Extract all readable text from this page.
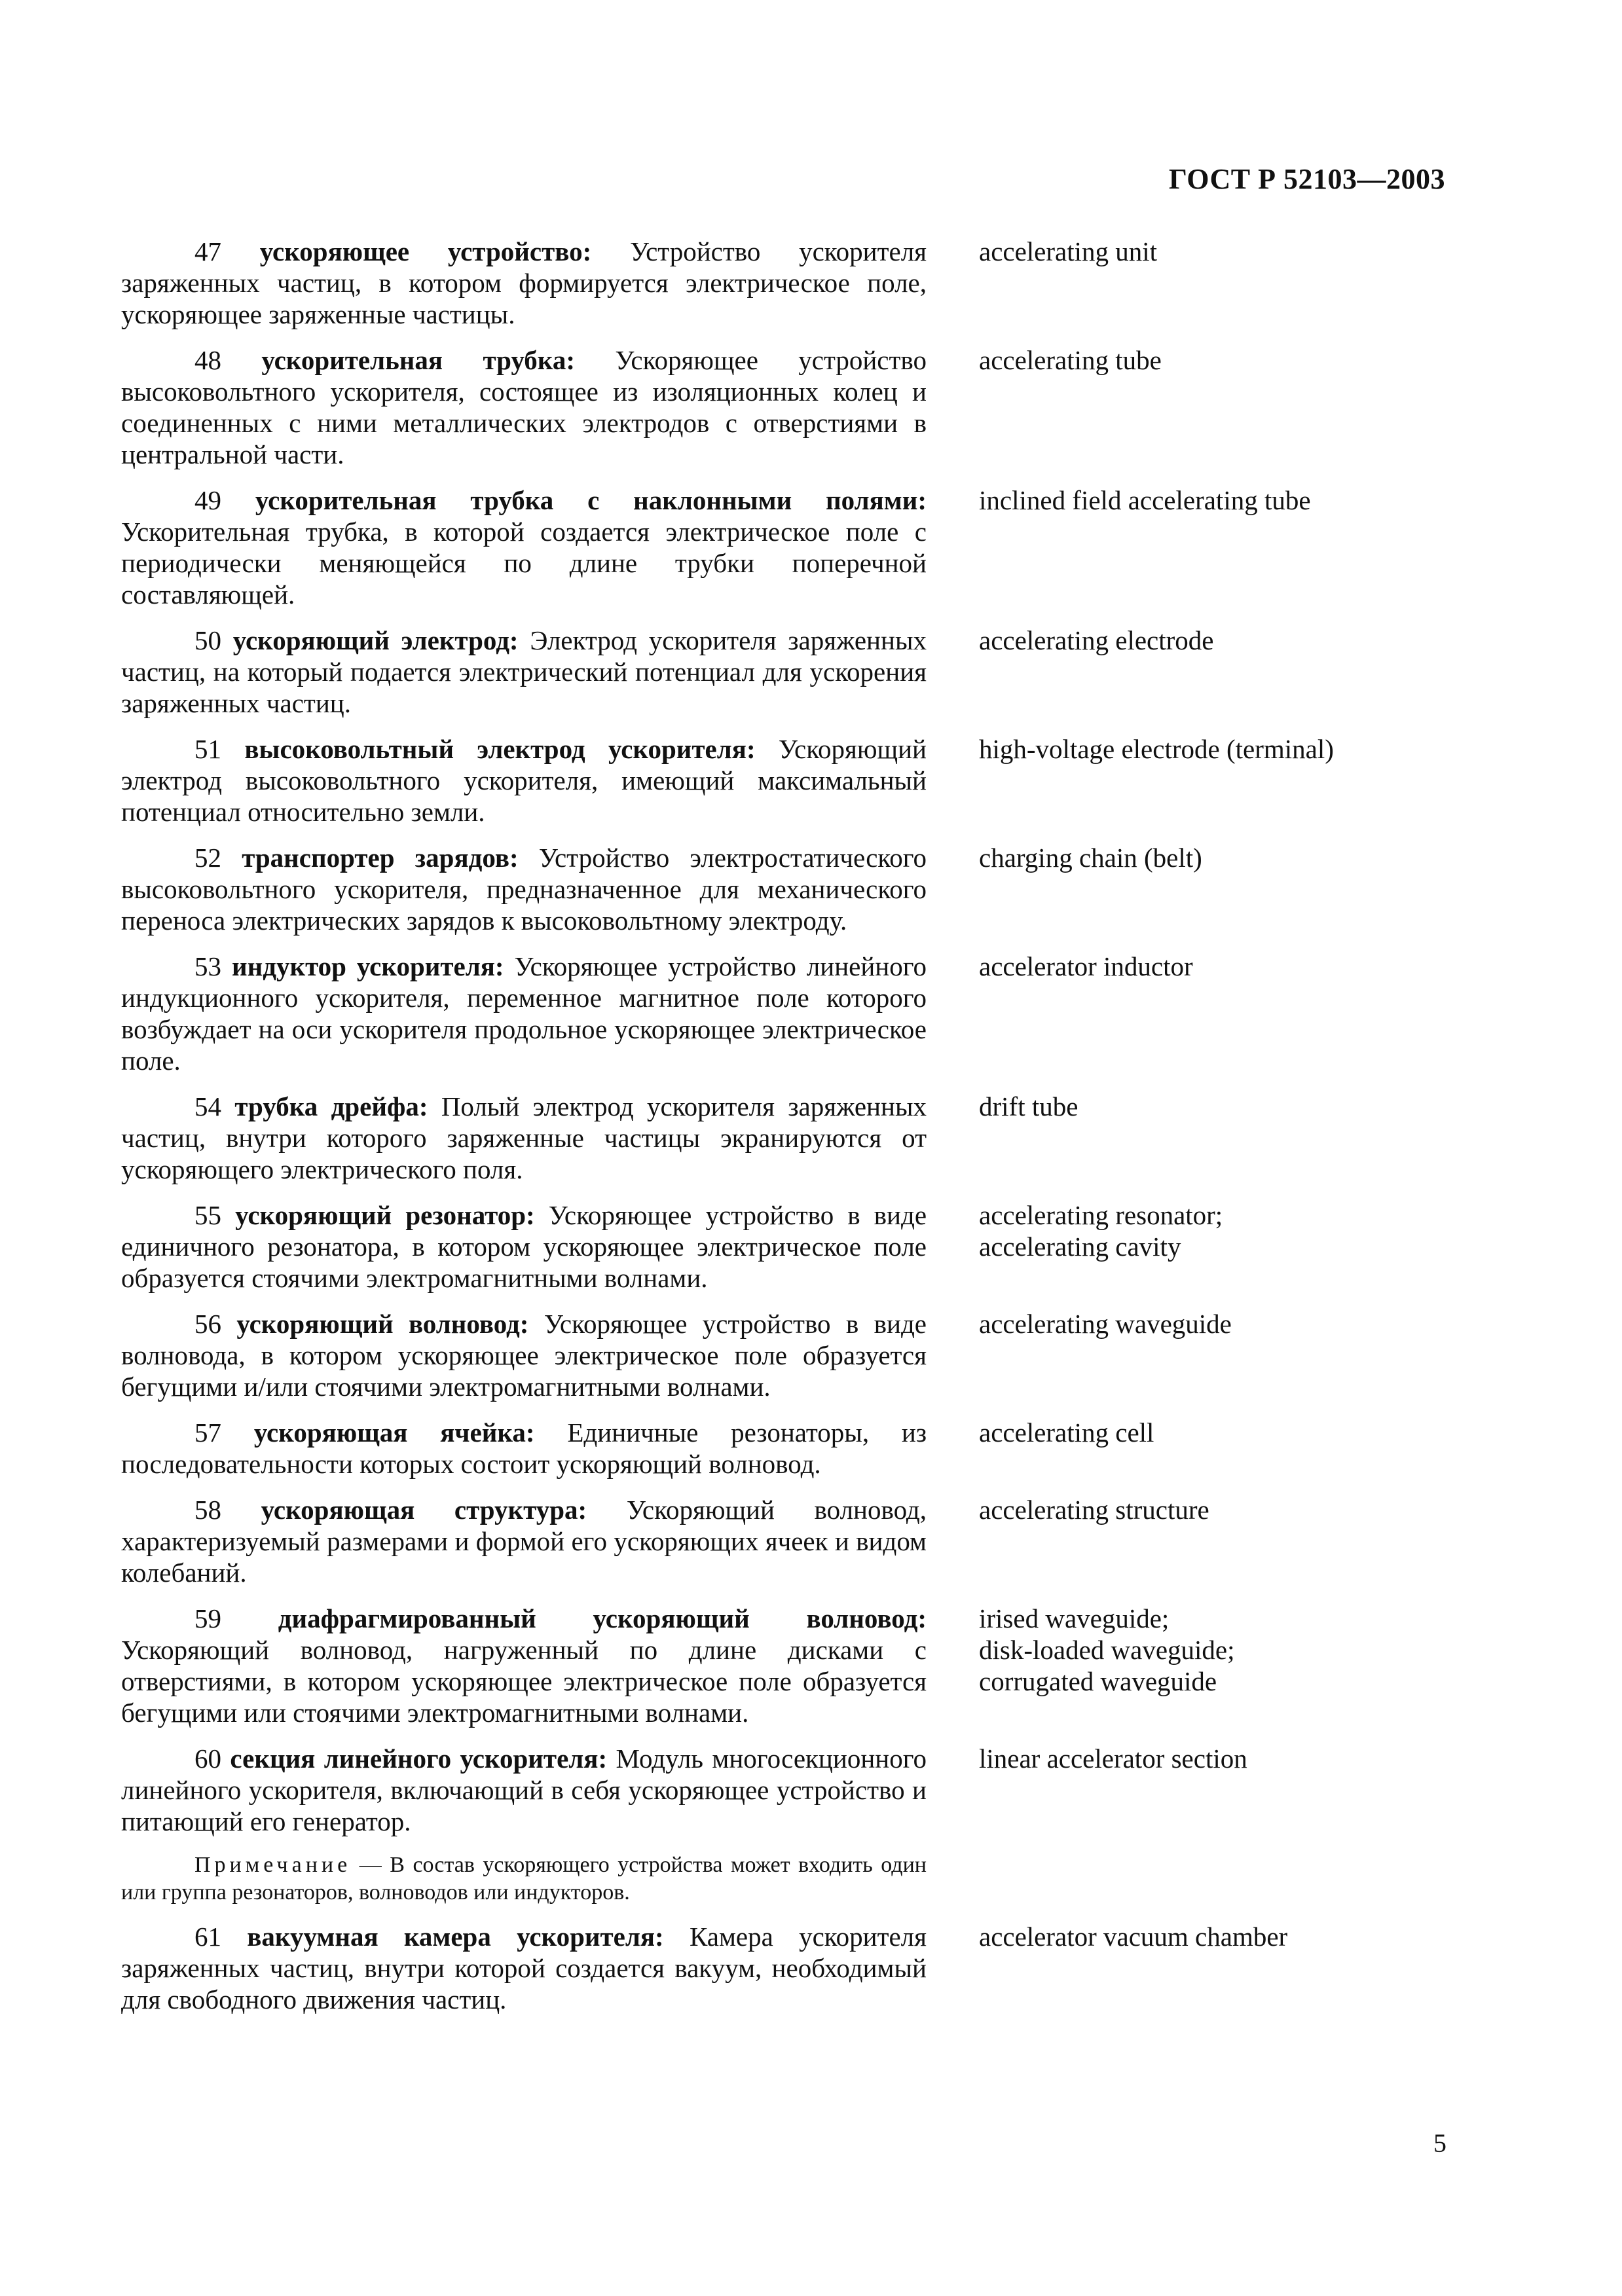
ГОСТ Р 52103—2003
47 ускоряющее устройство: Устройство ускорителя заряженных частиц, в котором формируется электрическое поле, ускоряющее заряженные частицы.
accelerating unit
48 ускорительная трубка: Ускоряющее устройство высоковольтного ускорителя, состоящее из изоляционных колец и соединенных с ними металлических электродов с отверстиями в центральной части.
accelerating tube
49 ускорительная трубка с наклонными полями: Ускорительная трубка, в которой создается электрическое поле с периодически меняющейся по длине трубки поперечной составляющей.
inclined field accelerating tube
50 ускоряющий электрод: Электрод ускорителя заряженных частиц, на который подается электрический потенциал для ускорения заряженных частиц.
accelerating electrode
51 высоковольтный электрод ускорителя: Ускоряющий электрод высоковольтного ускорителя, имеющий максимальный потенциал относительно земли.
high-voltage electrode (terminal)
52 транспортер зарядов: Устройство электростатического высоковольтного ускорителя, предназначенное для механического переноса электрических зарядов к высоковольтному электроду.
charging chain (belt)
53 индуктор ускорителя: Ускоряющее устройство линейного индукционного ускорителя, переменное магнитное поле которого возбуждает на оси ускорителя продольное ускоряющее электрическое поле.
accelerator inductor
54 трубка дрейфа: Полый электрод ускорителя заряженных частиц, внутри которого заряженные частицы экранируются от ускоряющего электрического поля.
drift tube
55 ускоряющий резонатор: Ускоряющее устройство в виде единичного резонатора, в котором ускоряющее электрическое поле образуется стоячими электромагнитными волнами.
accelerating resonator;
accelerating cavity
56 ускоряющий волновод: Ускоряющее устройство в виде волновода, в котором ускоряющее электрическое поле образуется бегущими и/или стоячими электромагнитными волнами.
accelerating waveguide
57 ускоряющая ячейка: Единичные резонаторы, из последовательности которых состоит ускоряющий волновод.
accelerating cell
58 ускоряющая структура: Ускоряющий волновод, характеризуемый размерами и формой его ускоряющих ячеек и видом колебаний.
accelerating structure
59 диафрагмированный ускоряющий волновод: Ускоряющий волновод, нагруженный по длине дисками с отверстиями, в котором ускоряющее электрическое поле образуется бегущими или стоячими электромагнитными волнами.
irised waveguide;
disk-loaded waveguide;
corrugated waveguide
60 секция линейного ускорителя: Модуль многосекционного линейного ускорителя, включающий в себя ускоряющее устройство и питающий его генератор.
linear accelerator section
Примечание — В состав ускоряющего устройства может входить один или группа резонаторов, волноводов или индукторов.
61 вакуумная камера ускорителя: Камера ускорителя заряженных частиц, внутри которой создается вакуум, необходимый для свободного движения частиц.
accelerator vacuum chamber
5
